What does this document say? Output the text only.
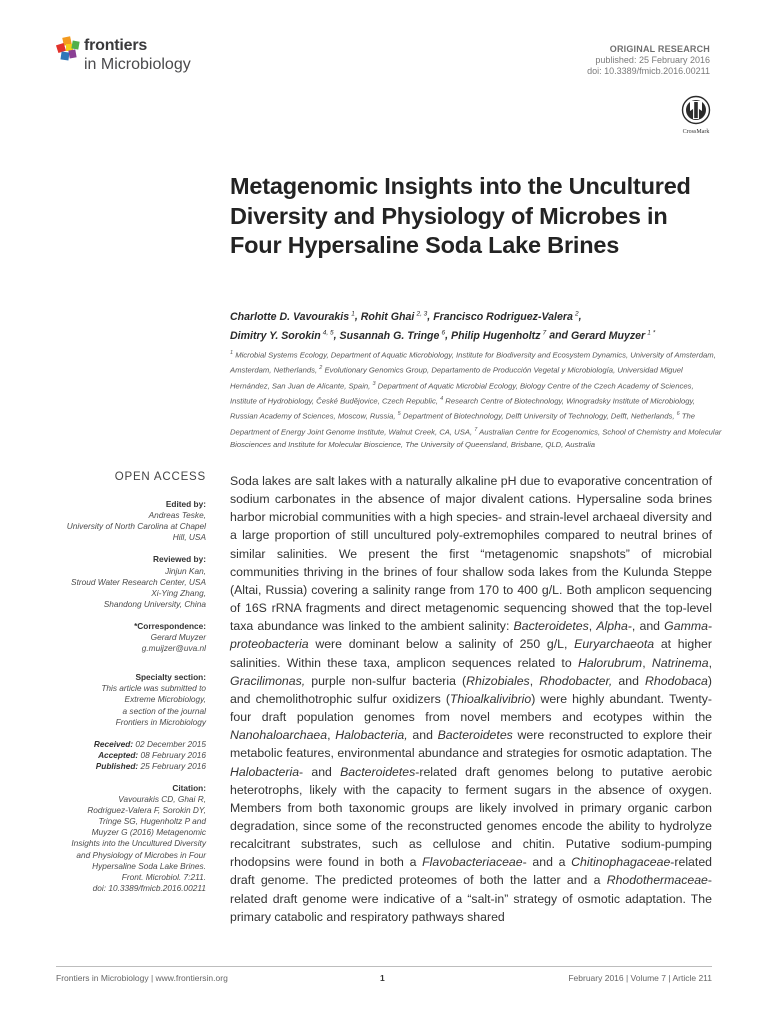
frontiers
in Microbiology
ORIGINAL RESEARCH
published: 25 February 2016
doi: 10.3389/fmicb.2016.00211
CrossMark
Metagenomic Insights into the Uncultured Diversity and Physiology of Microbes in Four Hypersaline Soda Lake Brines
Charlotte D. Vavourakis  $^1$, Rohit Ghai  $^{2, 3}$, Francisco Rodriguez-Valera  $^2$,
Dimitry Y. Sorokin  $^{4, 5}$, Susannah G. Tringe  $^6$, Philip Hugenholtz  $^7$ and Gerard Muyzer  $^{1 *}$
$^1$ Microbial Systems Ecology, Department of Aquatic Microbiology, Institute for Biodiversity and Ecosystem Dynamics, University of Amsterdam, Amsterdam, Netherlands, $^2$ Evolutionary Genomics Group, Departamento de Producción Vegetal y Microbiología, Universidad Miguel Hernández, San Juan de Alicante, Spain, $^3$ Department of Aquatic Microbial Ecology, Biology Centre of the Czech Academy of Sciences, Institute of Hydrobiology, České Budějovice, Czech Republic, $^4$ Research Centre of Biotechnology, Winogradsky Institute of Microbiology, Russian Academy of Sciences, Moscow, Russia, $^5$ Department of Biotechnology, Delft University of Technology, Delft, Netherlands, $^6$ The Department of Energy Joint Genome Institute, Walnut Creek, CA, USA, $^7$ Australian Centre for Ecogenomics, School of Chemistry and Molecular Biosciences and Institute for Molecular Bioscience, The University of Queensland, Brisbane, QLD, Australia
OPEN ACCESS
Edited by:
Andreas Teske,
University of North Carolina at Chapel Hill, USA
Reviewed by:
Jinjun Kan,
Stroud Water Research Center, USA
Xi-Ying Zhang,
Shandong University, China
*Correspondence:
Gerard Muyzer
g.muijzer@uva.nl
Specialty section:
This article was submitted to
Extreme Microbiology,
a section of the journal
Frontiers in Microbiology
Received: 02 December 2015
Accepted: 08 February 2016
Published: 25 February 2016
Citation:
Vavourakis CD, Ghai R,
Rodriguez-Valera F, Sorokin DY,
Tringe SG, Hugenholtz P and
Muyzer G (2016) Metagenomic
Insights into the Uncultured Diversity
and Physiology of Microbes in Four
Hypersaline Soda Lake Brines.
Front. Microbiol. 7:211.
doi: 10.3389/fmicb.2016.00211

Soda lakes are salt lakes with a naturally alkaline pH due to evaporative concentration of sodium carbonates in the absence of major divalent cations. Hypersaline soda brines harbor microbial communities with a high species- and strain-level archaeal diversity and a large proportion of still uncultured poly-extremophiles compared to neutral brines of similar salinities. We present the first “metagenomic snapshots” of microbial communities thriving in the brines of four shallow soda lakes from the Kulunda Steppe (Altai, Russia) covering a salinity range from 170 to 400 g/L. Both amplicon sequencing of 16S rRNA fragments and direct metagenomic sequencing showed that the top-level taxa abundance was linked to the ambient salinity: Bacteroidetes, Alpha-, and Gamma-proteobacteria were dominant below a salinity of 250 g/L, Euryarchaeota at higher salinities. Within these taxa, amplicon sequences related to Halorubrum, Natrinema, Gracilimonas, purple non-sulfur bacteria (Rhizobiales, Rhodobacter, and Rhodobaca) and chemolithotrophic sulfur oxidizers (Thioalkalivibrio) were highly abundant. Twenty-four draft population genomes from novel members and ecotypes within the Nanohaloarchaea, Halobacteria, and Bacteroidetes were reconstructed to explore their metabolic features, environmental abundance and strategies for osmotic adaptation. The Halobacteria- and Bacteroidetes-related draft genomes belong to putative aerobic heterotrophs, likely with the capacity to ferment sugars in the absence of oxygen. Members from both taxonomic groups are likely involved in primary organic carbon degradation, since some of the reconstructed genomes encode the ability to hydrolyze recalcitrant substrates, such as cellulose and chitin. Putative sodium-pumping rhodopsins were found in both a Flavobacteriaceae- and a Chitinophagaceae-related draft genome. The predicted proteomes of both the latter and a Rhodothermaceae-related draft genome were indicative of a “salt-in” strategy of osmotic adaptation. The primary catabolic and respiratory pathways shared

Frontiers in Microbiology | www.frontiersin.org	1	February 2016 | Volume 7 | Article 211
